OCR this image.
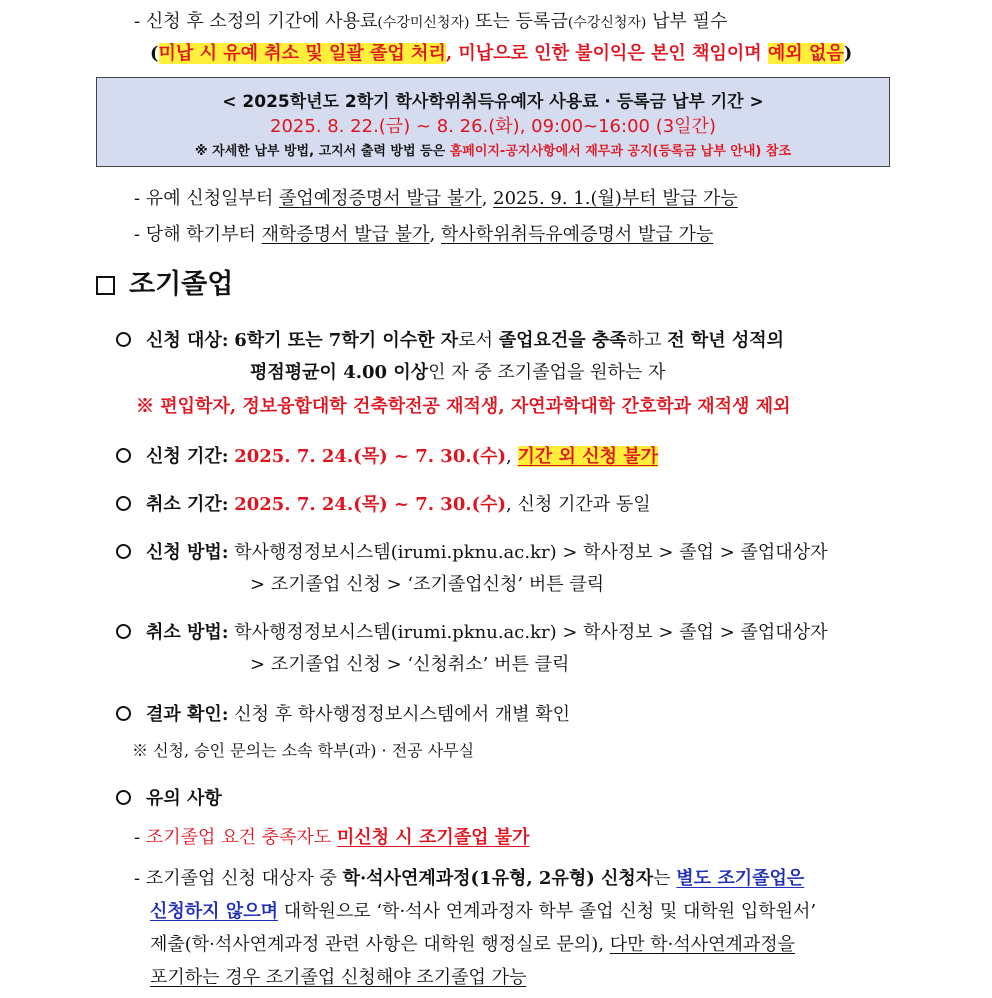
- 신청 후 소정의 기간에 사용료(수강미신청자) 또는 등록금(수강신청자) 납부 필수
(미납 시 유예 취소 및 일괄 졸업 처리, 미납으로 인한 불이익은 본인 책임이며 예외 없음)
< 2025학년도 2학기 학사학위취득유예자 사용료 · 등록금 납부 기간 >
2025. 8. 22.(금) ~ 8. 26.(화), 09:00~16:00 (3일간)
※ 자세한 납부 방법, 고지서 출력 방법 등은 홈페이지-공지사항에서 재무과 공지(등록금 납부 안내) 참조
- 유예 신청일부터 졸업예정증명서 발급 불가, 2025. 9. 1.(월)부터 발급 가능
- 당해 학기부터 재학증명서 발급 불가, 학사학위취득유예증명서 발급 가능
조기졸업
신청 대상: 6학기 또는 7학기 이수한 자로서 졸업요건을 충족하고 전 학년 성적의
평점평균이 4.00 이상인 자 중 조기졸업을 원하는 자
※ 편입학자, 정보융합대학 건축학전공 재적생, 자연과학대학 간호학과 재적생 제외
신청 기간: 2025. 7. 24.(목) ~ 7. 30.(수), 기간 외 신청 불가
취소 기간: 2025. 7. 24.(목) ~ 7. 30.(수), 신청 기간과 동일
신청 방법: 학사행정정보시스템(irumi.pknu.ac.kr) > 학사정보 > 졸업 > 졸업대상자
> 조기졸업 신청 > ‘조기졸업신청’ 버튼 클릭
취소 방법: 학사행정정보시스템(irumi.pknu.ac.kr) > 학사정보 > 졸업 > 졸업대상자
> 조기졸업 신청 > ‘신청취소’ 버튼 클릭
결과 확인: 신청 후 학사행정정보시스템에서 개별 확인
※ 신청, 승인 문의는 소속 학부(과) · 전공 사무실
유의 사항
- 조기졸업 요건 충족자도 미신청 시 조기졸업 불가
- 조기졸업 신청 대상자 중 학·석사연계과정(1유형, 2유형) 신청자는 별도 조기졸업은
신청하지 않으며 대학원으로 ‘학·석사 연계과정자 학부 졸업 신청 및 대학원 입학원서’
제출(학·석사연계과정 관련 사항은 대학원 행정실로 문의), 다만 학·석사연계과정을
포기하는 경우 조기졸업 신청해야 조기졸업 가능
